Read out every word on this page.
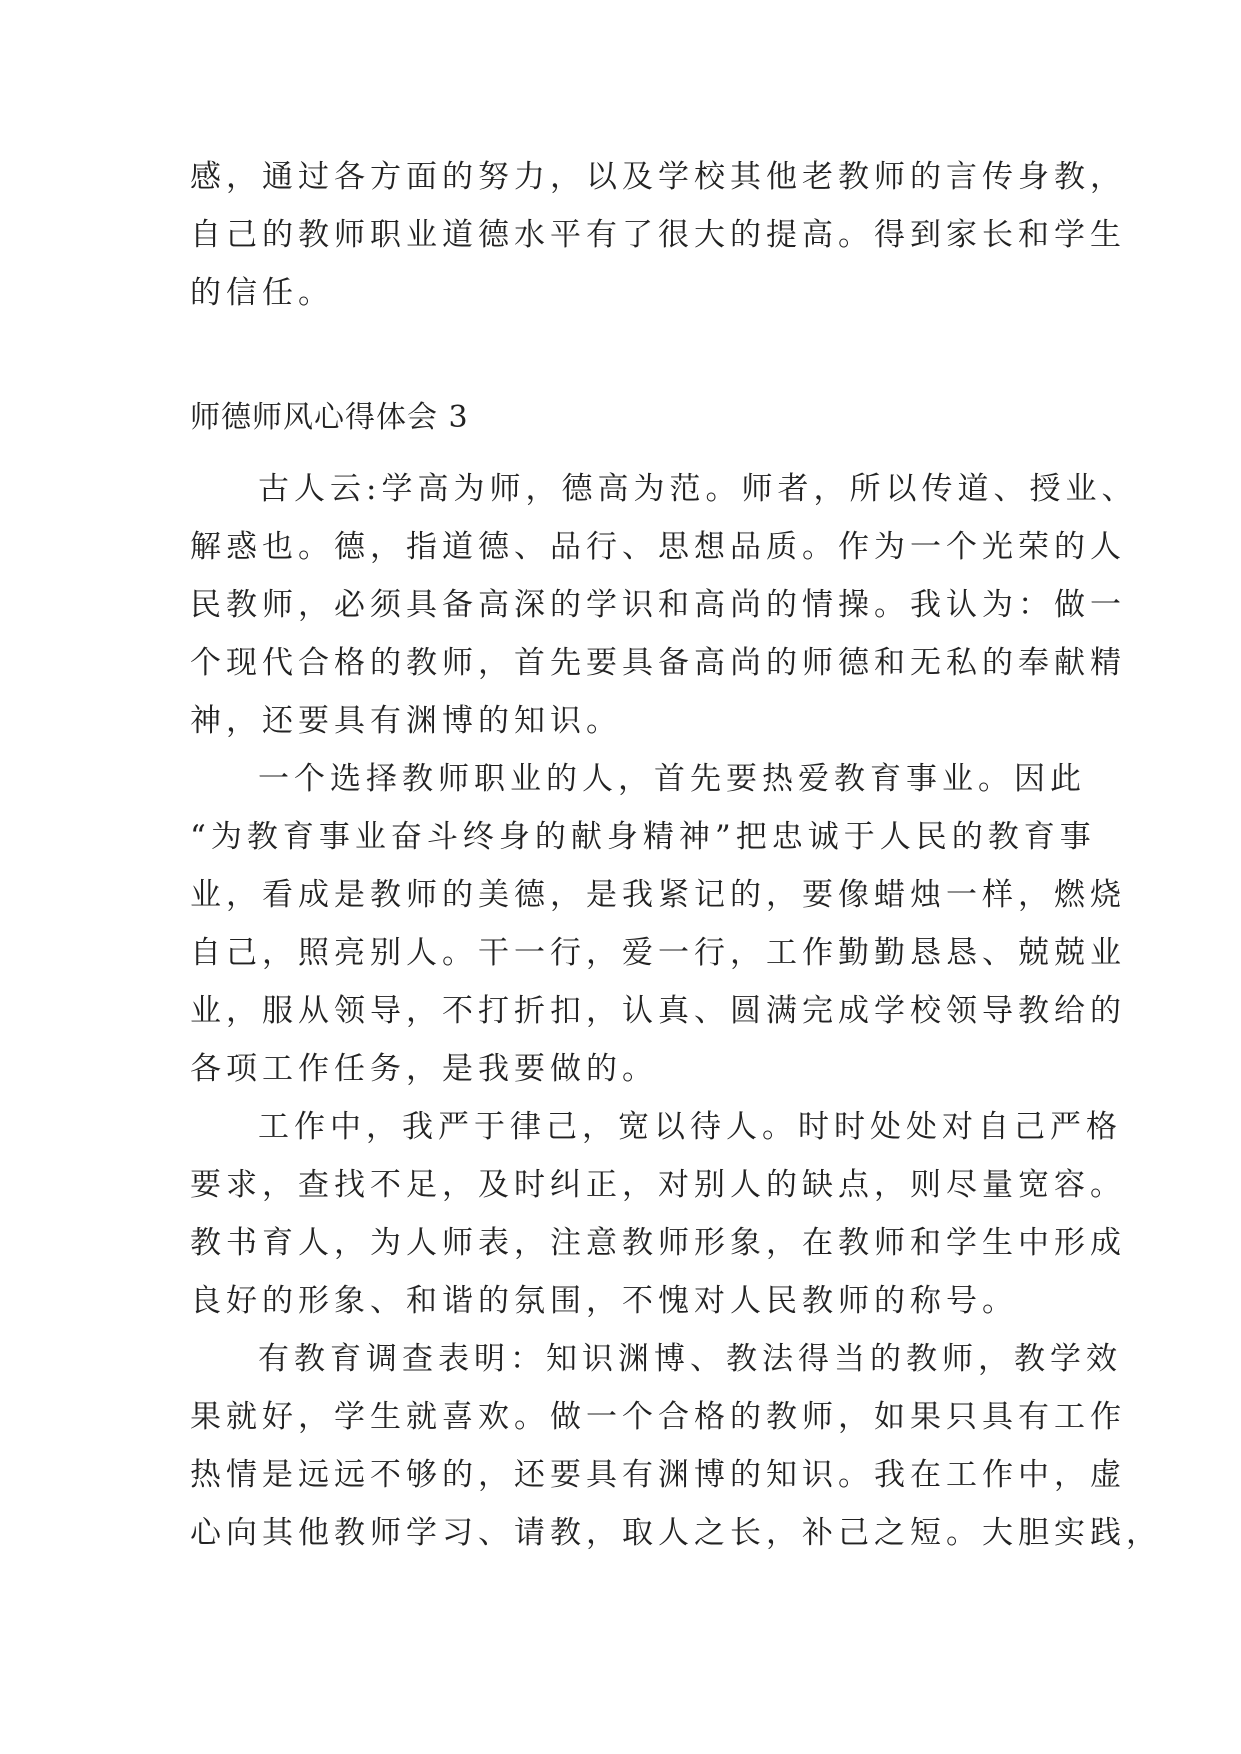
感，通过各方面的努力，以及学校其他老教师的言传身教，
自己的教师职业道德水平有了很大的提高。得到家长和学生
的信任。
师德师风心得体会 3
古人云:学高为师，德高为范。师者，所以传道、授业、
解惑也。德，指道德、品行、思想品质。作为一个光荣的人
民教师，必须具备高深的学识和高尚的情操。我认为：做一
个现代合格的教师，首先要具备高尚的师德和无私的奉献精
神，还要具有渊博的知识。
一个选择教师职业的人，首先要热爱教育事业。因此
“为教育事业奋斗终身的献身精神”把忠诚于人民的教育事
业，看成是教师的美德，是我紧记的，要像蜡烛一样，燃烧
自己，照亮别人。干一行，爱一行，工作勤勤恳恳、兢兢业
业，服从领导，不打折扣，认真、圆满完成学校领导教给的
各项工作任务，是我要做的。
工作中，我严于律己，宽以待人。时时处处对自己严格
要求，查找不足，及时纠正，对别人的缺点，则尽量宽容。
教书育人，为人师表，注意教师形象，在教师和学生中形成
良好的形象、和谐的氛围，不愧对人民教师的称号。
有教育调查表明：知识渊博、教法得当的教师，教学效
果就好，学生就喜欢。做一个合格的教师，如果只具有工作
热情是远远不够的，还要具有渊博的知识。我在工作中，虚
心向其他教师学习、请教，取人之长，补己之短。大胆实践，
